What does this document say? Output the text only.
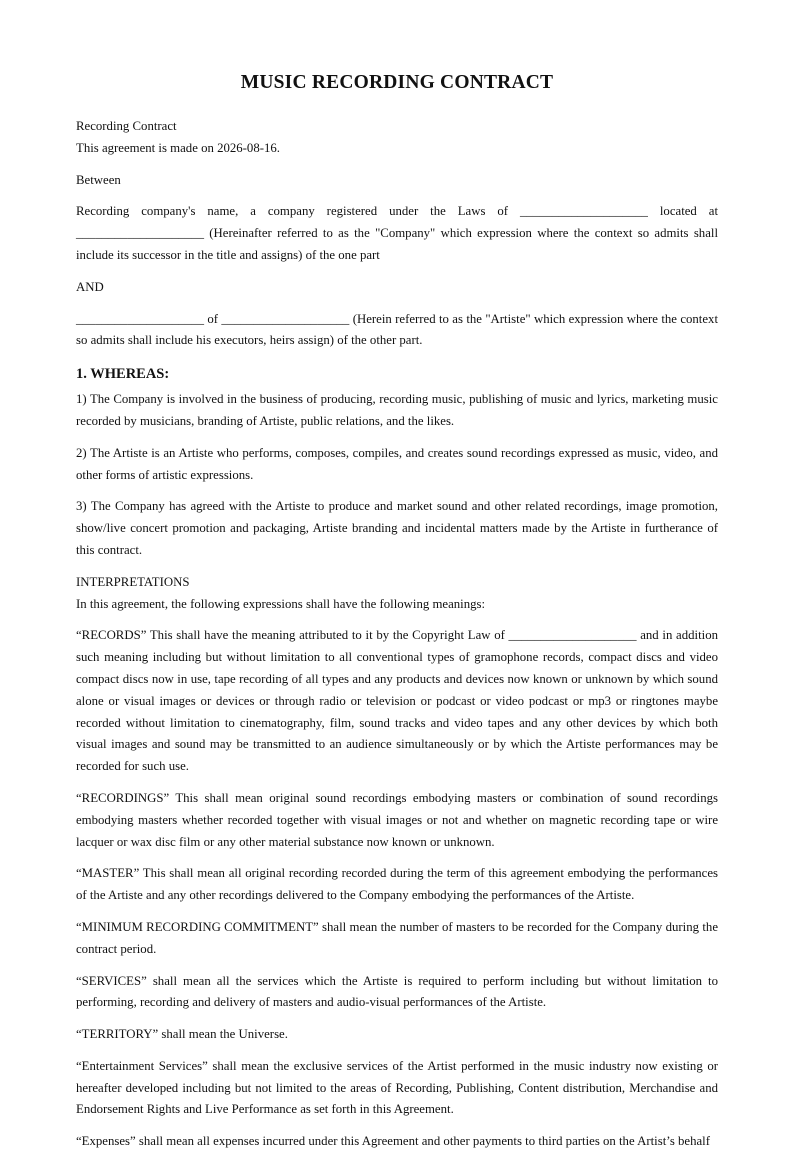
MUSIC RECORDING CONTRACT

Recording Contract

This agreement is made on 2026-08-16.

Between

Recording company's name, a company registered under the Laws of ____________________ located at ____________________ (Hereinafter referred to as the "Company" which expression where the context so admits shall include its successor in the title and assigns) of the one part

AND

____________________ of ____________________ (Herein referred to as the "Artiste" which expression where the context so admits shall include his executors, heirs assign) of the other part.

1. WHEREAS:

1) The Company is involved in the business of producing, recording music, publishing of music and lyrics, marketing music recorded by musicians, branding of Artiste, public relations, and the likes.

2) The Artiste is an Artiste who performs, composes, compiles, and creates sound recordings expressed as music, video, and other forms of artistic expressions.

3) The Company has agreed with the Artiste to produce and market sound and other related recordings, image promotion, show/live concert promotion and packaging, Artiste branding and incidental matters made by the Artiste in furtherance of this contract.

INTERPRETATIONS

In this agreement, the following expressions shall have the following meanings:

“RECORDS” This shall have the meaning attributed to it by the Copyright Law of ____________________ and in addition such meaning including but without limitation to all conventional types of gramophone records, compact discs and video compact discs now in use, tape recording of all types and any products and devices now known or unknown by which sound alone or visual images or devices or through radio or television or podcast or video podcast or mp3 or ringtones maybe recorded without limitation to cinematography, film, sound tracks and video tapes and any other devices by which both visual images and sound may be transmitted to an audience simultaneously or by which the Artiste performances may be recorded for such use.

“RECORDINGS” This shall mean original sound recordings embodying masters or combination of sound recordings embodying masters whether recorded together with visual images or not and whether on magnetic recording tape or wire lacquer or wax disc film or any other material substance now known or unknown.

“MASTER” This shall mean all original recording recorded during the term of this agreement embodying the performances of the Artiste and any other recordings delivered to the Company embodying the performances of the Artiste.

“MINIMUM RECORDING COMMITMENT” shall mean the number of masters to be recorded for the Company during the contract period.

“SERVICES” shall mean all the services which the Artiste is required to perform including but without limitation to performing, recording and delivery of masters and audio-visual performances of the Artiste.

“TERRITORY” shall mean the Universe.

“Entertainment Services” shall mean the exclusive services of the Artist performed in the music industry now existing or hereafter developed including but not limited to the areas of Recording, Publishing, Content distribution, Merchandise and Endorsement Rights and Live Performance as set forth in this Agreement.

“Expenses” shall mean all expenses incurred under this Agreement and other payments to third parties on the Artist’s behalf
